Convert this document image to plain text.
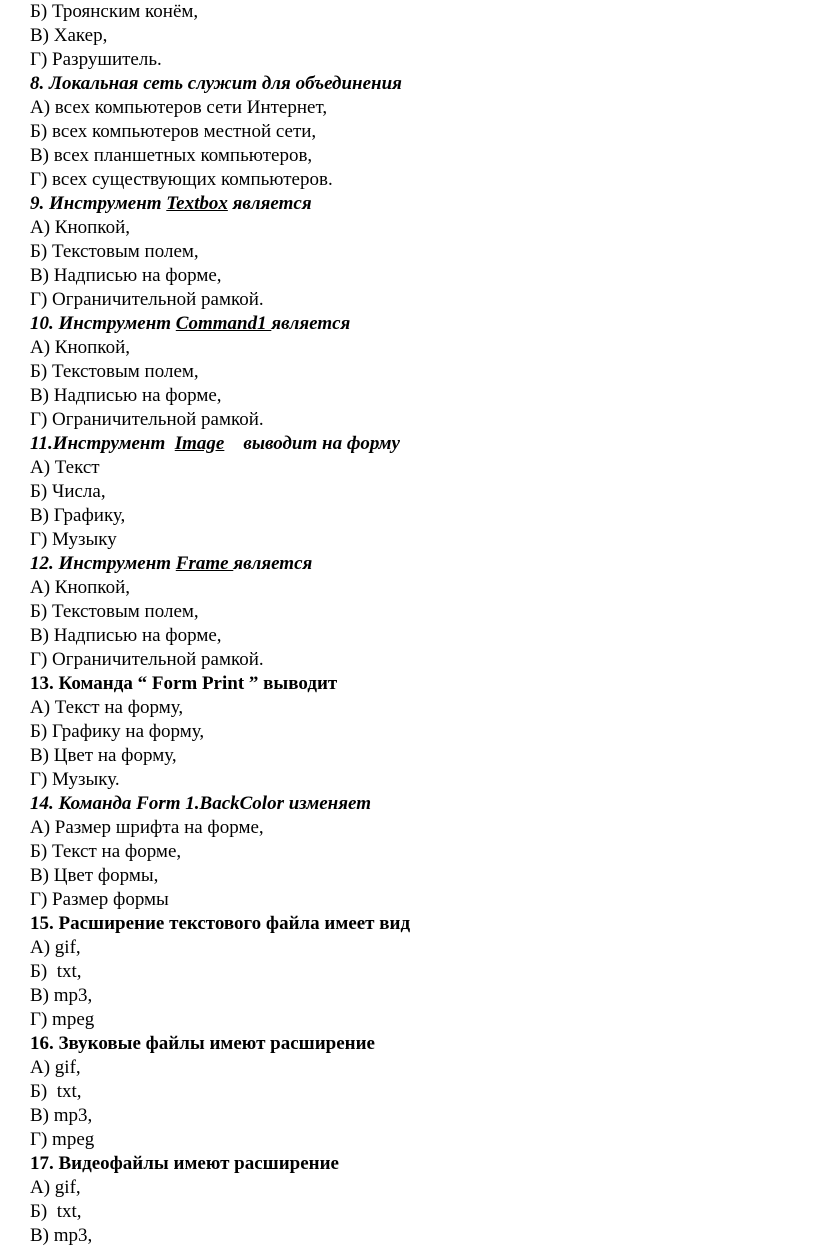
Б) Троянским конём,
В) Хакер,
Г) Разрушитель.
8. Локальная сеть служит для объединения
А) всех компьютеров сети Интернет,
Б) всех компьютеров местной сети,
В) всех планшетных компьютеров,
Г) всех существующих компьютеров.
9. Инструмент Textbox является
А) Кнопкой,
Б) Текстовым полем,
В) Надписью на форме,
Г) Ограничительной рамкой.
10. Инструмент Command1 является
А) Кнопкой,
Б) Текстовым полем,
В) Надписью на форме,
Г) Ограничительной рамкой.
11.Инструмент  Image    выводит на форму
А) Текст
Б) Числа,
В) Графику,
Г) Музыку
12. Инструмент Frame является
А) Кнопкой,
Б) Текстовым полем,
В) Надписью на форме,
Г) Ограничительной рамкой.
13. Команда “ Form Print ” выводит
А) Текст на форму,
Б) Графику на форму,
В) Цвет на форму,
Г) Музыку.
14. Команда Form 1.BackColor изменяет
А) Размер шрифта на форме,
Б) Текст на форме,
В) Цвет формы,
Г) Размер формы
15. Расширение текстового файла имеет вид
А) gif,
Б)  txt,
В) mp3,
Г) mpeg
16. Звуковые файлы имеют расширение
А) gif,
Б)  txt,
В) mp3,
Г) mpeg
17. Видеофайлы имеют расширение
А) gif,
Б)  txt,
В) mp3,
